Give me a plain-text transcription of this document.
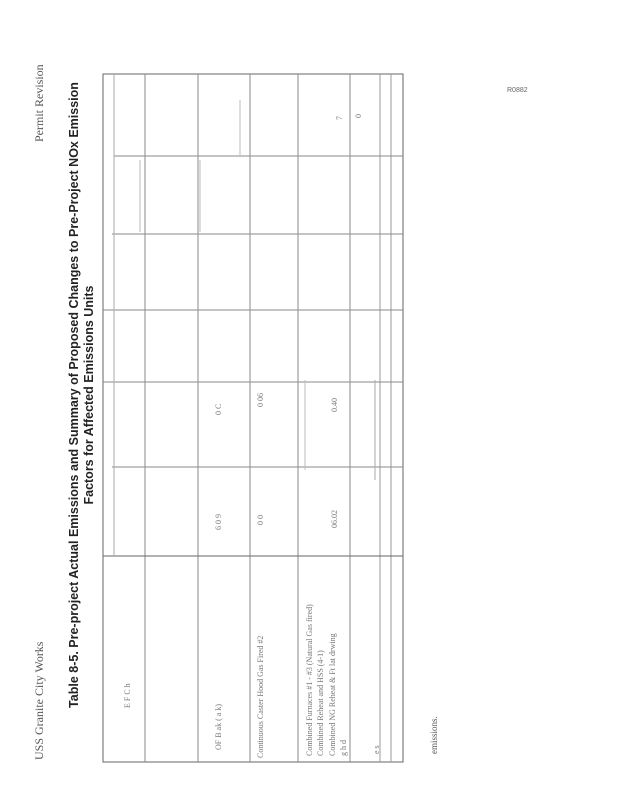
R0882
USS Granite City Works
Permit Revision Table 8-5. Pre-project Actual Emissions and Summary of Proposed Changes to Pre-Project NOx Emission Factors for Affected Emissions Units
E F C h
OF B ak ( a k)
6 0 9
0 C
Continuous Caster Hood Gas Fired #2
0 0
0 06
Combined Furnaces #1 - #3 (Natural Gas fired) Combined Reheat and HSS (4-1) Combined NG Reheat & Ft lat drwing g h d
06.02
0.40
e s
7 0
emissions.
